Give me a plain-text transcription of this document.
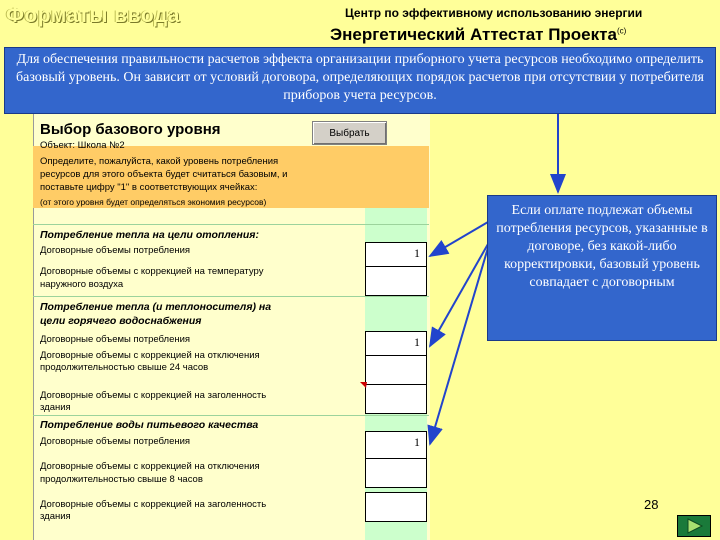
Форматы ввода	Центр по эффективному использованию энергии
Энергетический Аттестат Проекта$^{(c)}$
Для обеспечения правильности расчетов эффекта организации приборного учета ресурсов необходимо определить базовый уровень. Он зависит от условий договора, определяющих порядок расчетов при отсутствии у потребителя приборов учета ресурсов.
Выбор базового уровня	Выбрать
Объект: Школа №2
Определите, пожалуйста, какой уровень потребления
ресурсов для этого объекта будет считаться базовым, и
поставьте цифру "1" в соответствующих ячейках:
(от этого уровня будет определяться экономия ресурсов)
Потребление тепла на цели отопления:
Договорные объемы потребления	1
Договорные объемы с коррекцией на температуру
наружного воздуха
Потребление тепла (и теплоносителя) на
цели горячего водоснабжения
Договорные объемы потребления	1
Договорные объемы с коррекцией на отключения
продолжительностью свыше 24 часов
Договорные объемы с коррекцией на заголенность
здания
Потребление воды питьевого качества
Договорные объемы потребления	1
Договорные объемы с коррекцией на отключения
продолжительностью свыше 8 часов
Договорные объемы с коррекцией на заголенность
здания
Если оплате подлежат объемы потребления ресурсов, указанные в договоре, без какой-либо корректировки, базовый уровень совпадает с договорным
28
